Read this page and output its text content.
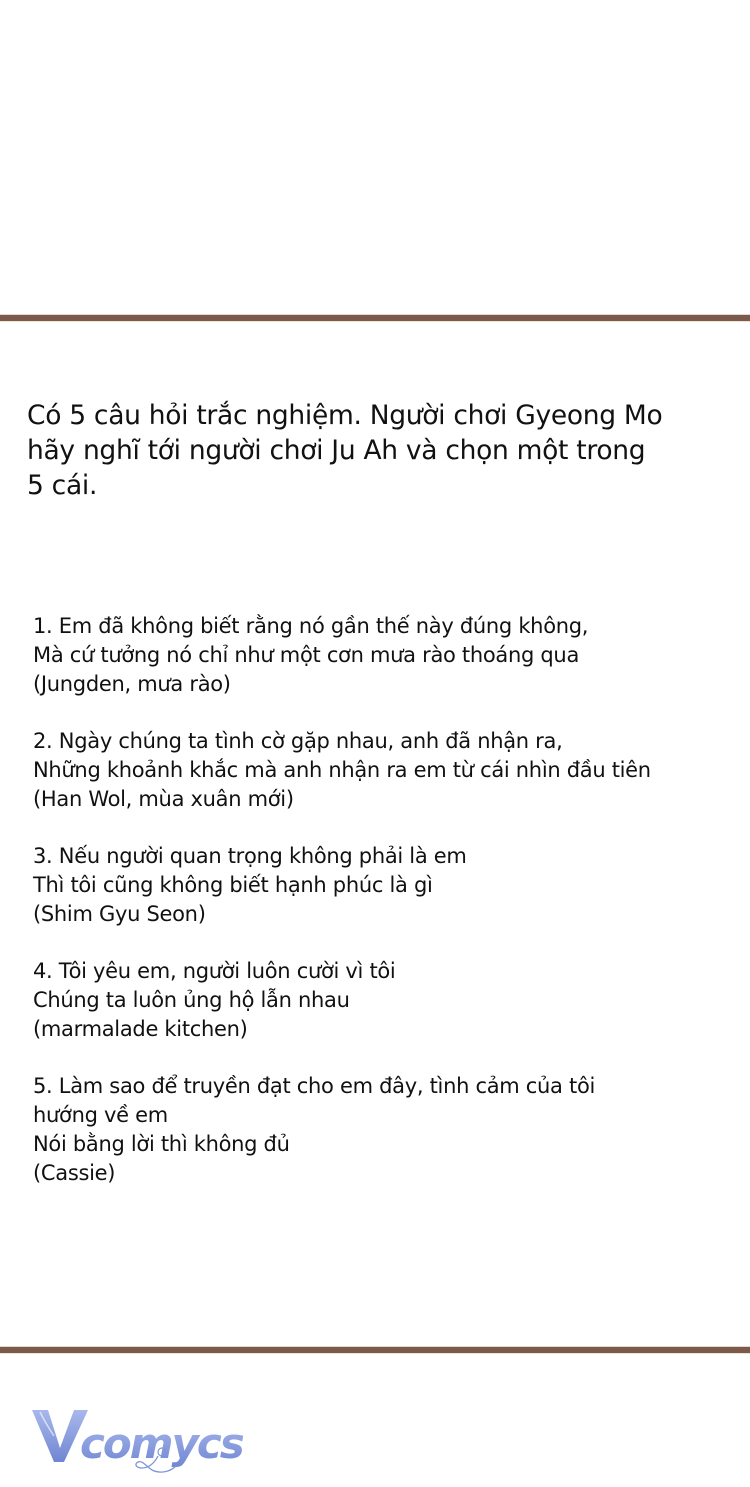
Có 5 câu hỏi trắc nghiệm. Người chơi Gyeong Mo
hãy nghĩ tới người chơi Ju Ah và chọn một trong
5 cái.
1. Em đã không biết rằng nó gần thế này đúng không,
Mà cứ tưởng nó chỉ như một cơn mưa rào thoáng qua
(Jungden, mưa rào)
2. Ngày chúng ta tình cờ gặp nhau, anh đã nhận ra,
Những khoảnh khắc mà anh nhận ra em từ cái nhìn đầu tiên
(Han Wol, mùa xuân mới)
3. Nếu người quan trọng không phải là em
Thì tôi cũng không biết hạnh phúc là gì
(Shim Gyu Seon)
4. Tôi yêu em, người luôn cười vì tôi
Chúng ta luôn ủng hộ lẫn nhau
(marmalade kitchen)
5. Làm sao để truyền đạt cho em đây, tình cảm của tôi
hướng về em
Nói bằng lời thì không đủ
(Cassie)
comycs
